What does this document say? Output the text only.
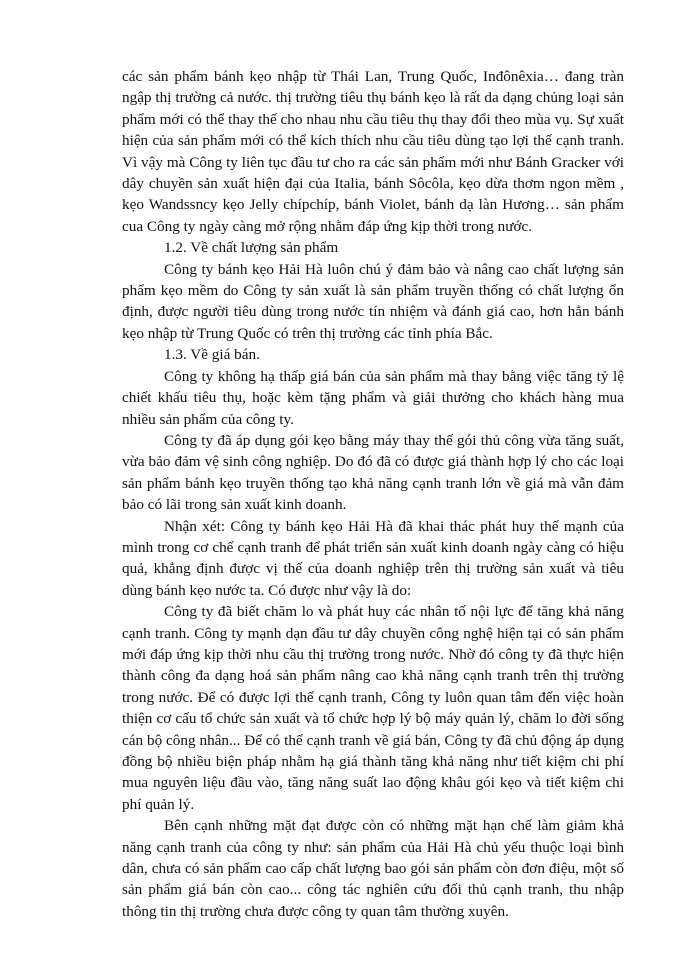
các sản phẩm bánh kẹo nhập từ Thái Lan, Trung Quốc, Inđônêxia… đang tràn ngập thị trường cả nước. thị trường tiêu thụ bánh kẹo là rất da dạng chủng loại sản phẩm mới có thể thay thế cho nhau nhu cầu tiêu thụ thay đổi theo mùa vụ. Sự xuất hiện của sản phẩm mới có thể kích thích nhu cầu tiêu dùng tạo lợi thế cạnh tranh. Vì vậy mà Công ty liên tục đầu tư cho ra các sản phẩm mới như Bánh Gracker với dây chuyền sản xuất hiện đại của Italia, bánh Sôcôla, kẹo dừa thơm ngon mềm , kẹo Wandssncy kẹo Jelly chípchíp, bánh Violet, bánh dạ làn Hương… sản phẩm cua Công ty ngày càng mở rộng nhằm đáp ứng kịp thời trong nước.

1.2. Về chất lượng sản phẩm

Công ty bánh kẹo Hải Hà luôn chú ý đảm bảo và nâng cao chất lượng sản phẩm kẹo mềm do Công ty sản xuất là sản phẩm truyền thống có chất lượng ổn định, được người tiêu dùng trong nước tín nhiệm và đánh giá cao, hơn hẳn bánh kẹo nhập từ Trung Quốc có trên thị trường các tỉnh phía Bắc.

1.3. Về giá bán.

Công ty không hạ thấp giá bán của sản phẩm mà thay bằng việc tăng tỷ lệ chiết khấu tiêu thụ, hoặc kèm tặng phẩm và giải thưởng cho khách hàng mua nhiều sản phẩm của công ty.

Công ty đã áp dụng gói kẹo bằng máy thay thế gói thủ công vừa tăng suất, vừa bảo đảm vệ sinh công nghiệp. Do đó đã có được giá thành hợp lý cho các loại sản phẩm bánh kẹo truyền thống tạo khả năng cạnh tranh lớn về giá mà vẫn đảm bảo có lãi trong sản xuất kinh doanh.

Nhận xét: Công ty bánh kẹo Hải Hà đã khai thác phát huy thế mạnh của mình trong cơ chế cạnh tranh để phát triển sản xuất kinh doanh ngày càng có hiệu quả, khẳng định được vị thế của doanh nghiệp trên thị trường sản xuất và tiêu dùng bánh kẹo nước ta. Có được như vậy là do:

Công ty đã biết chăm lo và phát huy các nhân tố nội lực để tăng khả năng cạnh tranh. Công ty mạnh dạn đầu tư dây chuyền công nghệ hiện tại có sản phẩm mới đáp ứng kịp thời nhu cầu thị trường trong nước. Nhờ đó công ty đã thực hiện thành công đa dạng hoá sản phẩm nâng cao khả năng cạnh tranh trên thị trường trong nước. Để có được lợi thế cạnh tranh, Công ty luôn quan tâm đến việc hoàn thiện cơ cấu tổ chức sản xuất và tổ chức hợp lý bộ máy quản lý, chăm lo đời sống cán bộ công nhân... Để có thế cạnh tranh về giá bán, Công ty đã chủ động áp dụng đồng bộ nhiều biện pháp nhằm hạ giá thành tăng khả năng như tiết kiệm chi phí mua nguyên liệu đầu vào, tăng năng suất lao động khâu gói kẹo và tiết kiệm chi phí quản lý.

Bên cạnh những mặt đạt được còn có những mặt hạn chế làm giảm khả năng cạnh tranh của công ty như: sản phẩm của Hải Hà chủ yếu thuộc loại bình dân, chưa có sản phẩm cao cấp chất lượng bao gói sản phẩm còn đơn điệu, một số sản phẩm giá bán còn cao... công tác nghiên cứu đối thủ cạnh tranh, thu nhập thông tin thị trường chưa được công ty quan tâm thường xuyên.
